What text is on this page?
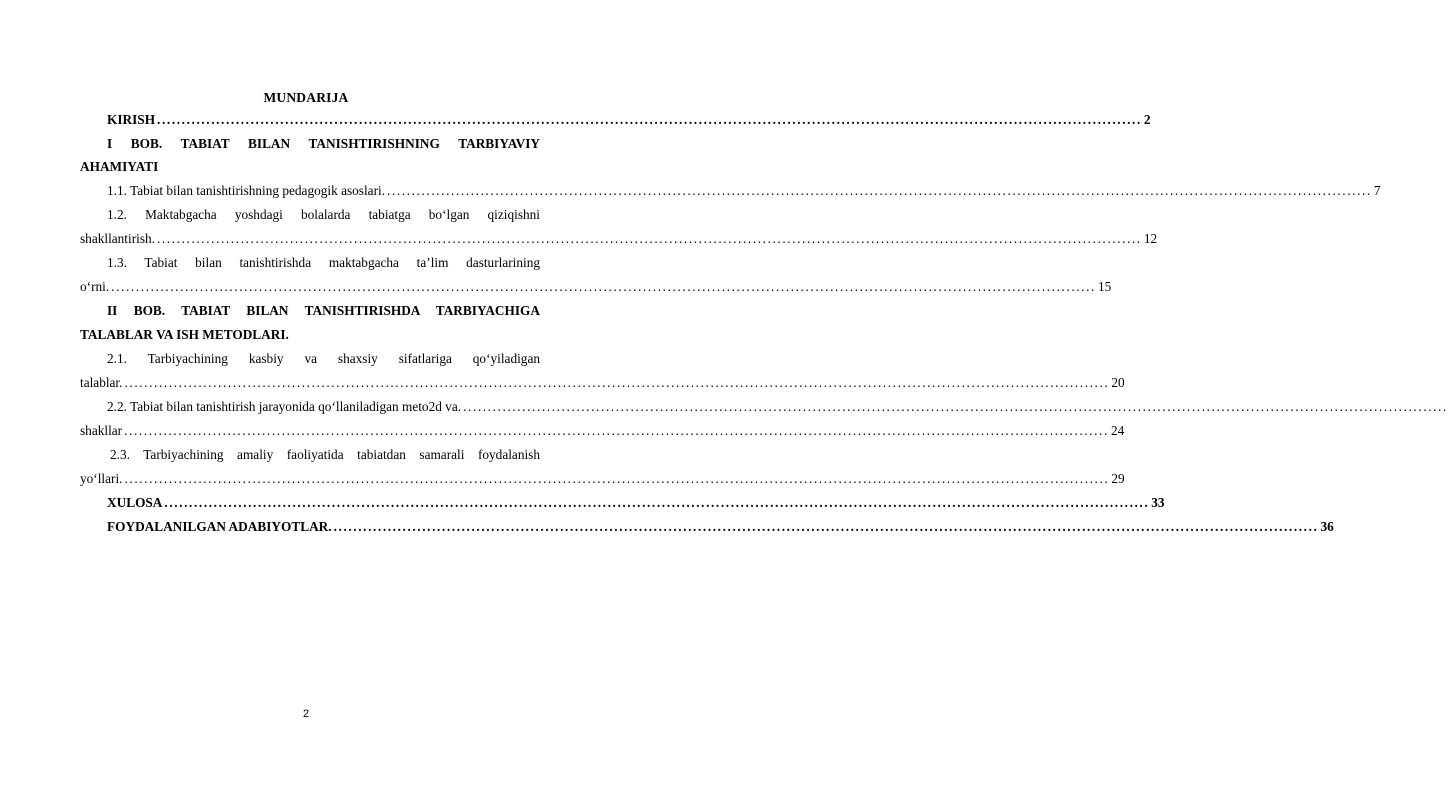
MUNDARIJA
KIRISH ........................................................................................................................................................................................................ 2
I BOB. TABIAT BILAN TANISHTIRISHNING TARBIYAVIY
AHAMIYATI
1.1. Tabiat bilan tanishtirishning pedagogik asoslari. ........................................................................................................................................................................................................ 7
1.2. Maktabgacha yoshdagi bolalarda tabiatga bo‘lgan qiziqishni
shakllantirish. ........................................................................................................................................................................................................ 12
1.3. Tabiat bilan tanishtirishda maktabgacha ta’lim dasturlarining
o‘rni. ........................................................................................................................................................................................................ 15
II BOB. TABIAT BILAN TANISHTIRISHDA TARBIYACHIGA
TALABLAR VA ISH METODLARI.
2.1. Tarbiyachining kasbiy va shaxsiy sifatlariga qo‘yiladigan
talablar. ........................................................................................................................................................................................................ 20
2.2. Tabiat bilan tanishtirish jarayonida qo‘llaniladigan meto2d va. ........................................................................................................................................................................................................
shakllar ........................................................................................................................................................................................................ 24
2.3. Tarbiyachining amaliy faoliyatida tabiatdan samarali foydalanish
yo‘llari. ........................................................................................................................................................................................................ 29
XULOSA ........................................................................................................................................................................................................ 33
FOYDALANILGAN ADABIYOTLAR. ........................................................................................................................................................................................................ 36
2
